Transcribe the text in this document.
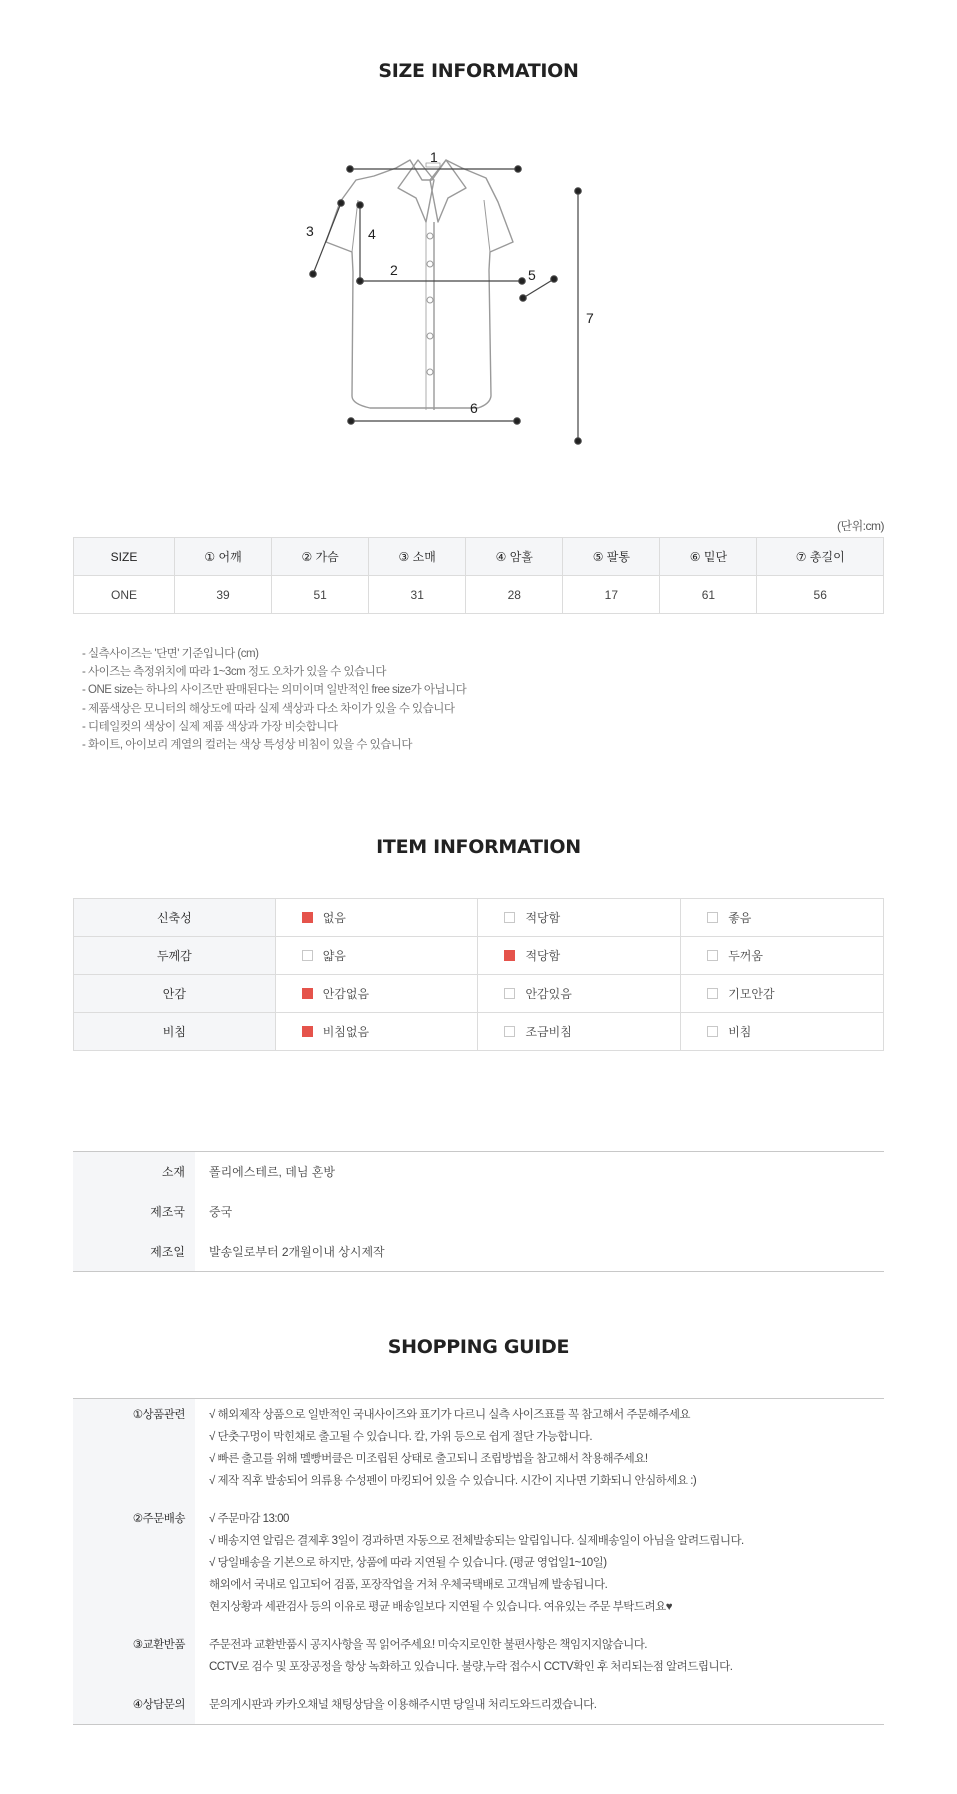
SIZE INFORMATION
1
2
3	4
5
6
7
(단위:cm)
SIZE	① 어깨	② 가슴	③ 소매	④ 암홀	⑤ 팔통	⑥ 밑단	⑦ 총길이
ONE	39	51	31	28	17	61	56
- 실측사이즈는 '단면' 기준입니다 (cm)
- 사이즈는 측정위치에 따라 1~3cm 정도 오차가 있을 수 있습니다
- ONE size는 하나의 사이즈만 판매된다는 의미이며 일반적인 free size가 아닙니다
- 제품색상은 모니터의 해상도에 따라 실제 색상과 다소 차이가 있을 수 있습니다
- 디테일컷의 색상이 실제 제품 색상과 가장 비슷합니다
- 화이트, 아이보리 계열의 컬러는 색상 특성상 비침이 있을 수 있습니다
ITEM INFORMATION
신축성	없음	적당함	좋음
두께감	얇음	적당함	두꺼움
안감	안감없음	안감있음	기모안감
비침	비침없음	조금비침	비침
소재	폴리에스테르, 데님 혼방
제조국	중국
제조일	발송일로부터 2개월이내 상시제작
SHOPPING GUIDE
①상품관련	√ 해외제작 상품으로 일반적인 국내사이즈와 표기가 다르니 실측 사이즈표를 꼭 참고해서 주문해주세요
√ 단춧구멍이 막힌채로 출고될 수 있습니다. 칼, 가위 등으로 쉽게 절단 가능합니다.
√ 빠른 출고를 위해 멜빵버클은 미조립된 상태로 출고되니 조립방법을 참고해서 착용해주세요!
√ 제작 직후 발송되어 의류용 수성펜이 마킹되어 있을 수 있습니다. 시간이 지나면 기화되니 안심하세요 :)

②주문배송	√ 주문마감 13:00
√ 배송지연 알림은 결제후 3일이 경과하면 자동으로 전체발송되는 알림입니다. 실제배송일이 아님을 알려드립니다.
√ 당일배송을 기본으로 하지만, 상품에 따라 지연될 수 있습니다. (평균 영업일1~10일)
해외에서 국내로 입고되어 검품, 포장작업을 거쳐 우체국택배로 고객님께 발송됩니다.
현지상황과 세관검사 등의 이유로 평균 배송일보다 지연될 수 있습니다. 여유있는 주문 부탁드려요♥

③교환반품	주문전과 교환반품시 공지사항을 꼭 읽어주세요! 미숙지로인한 불편사항은 책임지지않습니다.
CCTV로 검수 및 포장공정을 항상 녹화하고 있습니다. 불량,누락 접수시 CCTV확인 후 처리되는점 알려드립니다.

④상담문의	문의게시판과 카카오채널 채팅상담을 이용해주시면 당일내 처리도와드리겠습니다.
